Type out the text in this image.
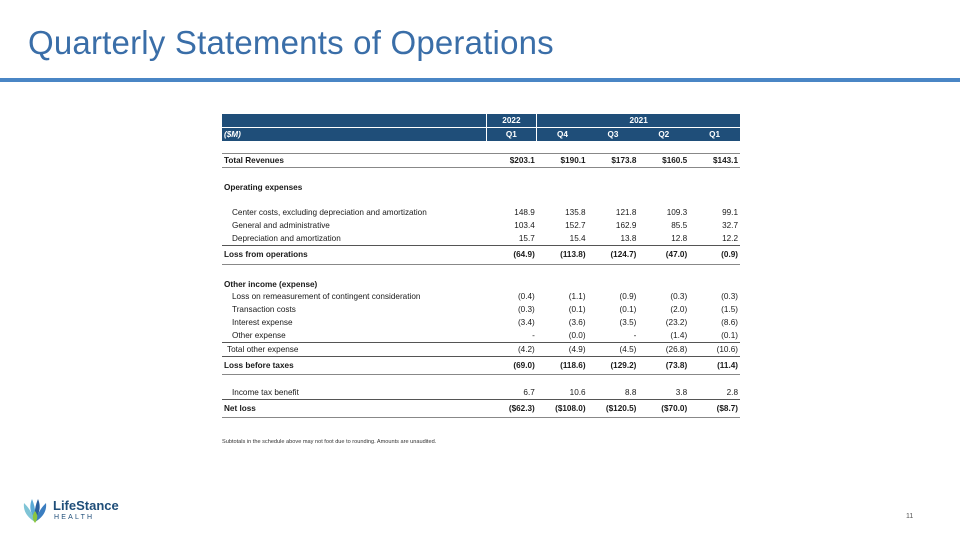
Quarterly Statements of Operations
	2022	2021			
($M)	Q1	Q4	Q3	Q2	Q1

Total Revenues	$203.1	$190.1	$173.8	$160.5	$143.1

Operating expenses					

Center costs, excluding depreciation and amortization	148.9	135.8	121.8	109.3	99.1
General and administrative	103.4	152.7	162.9	85.5	32.7
Depreciation and amortization	15.7	15.4	13.8	12.8	12.2
Loss from operations	(64.9)	(113.8)	(124.7)	(47.0)	(0.9)

Other income (expense)					
Loss on remeasurement of contingent consideration	(0.4)	(1.1)	(0.9)	(0.3)	(0.3)
Transaction costs	(0.3)	(0.1)	(0.1)	(2.0)	(1.5)
Interest expense	(3.4)	(3.6)	(3.5)	(23.2)	(8.6)
Other expense	-	(0.0)	-	(1.4)	(0.1)
Total other expense	(4.2)	(4.9)	(4.5)	(26.8)	(10.6)
Loss before taxes	(69.0)	(118.6)	(129.2)	(73.8)	(11.4)

Income tax benefit	6.7	10.6	8.8	3.8	2.8
Net loss	($62.3)	($108.0)	($120.5)	($70.0)	($8.7)
Subtotals in the schedule above may not foot due to rounding. Amounts are unaudited.
LifeStance
HEALTH	11
